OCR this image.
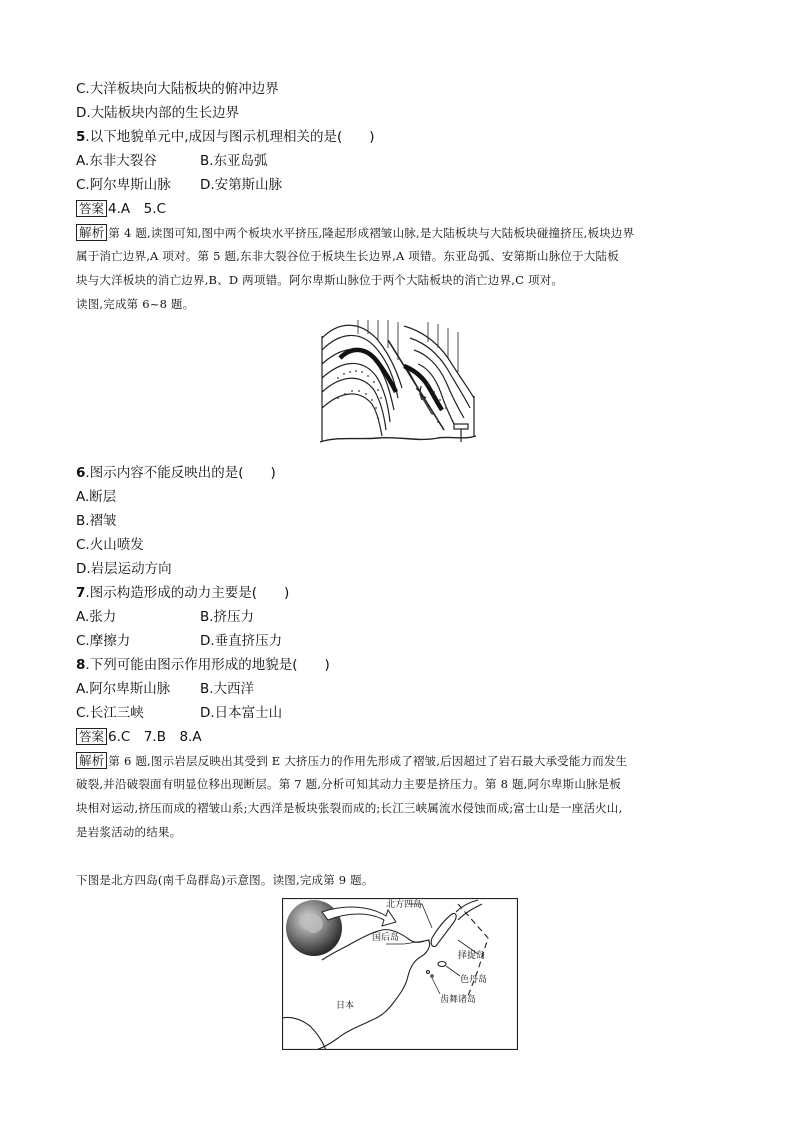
C.大洋板块向大陆板块的俯冲边界
D.大陆板块内部的生长边界
5.以下地貌单元中,成因与图示机理相关的是(　　)
A.东非大裂谷	B.东亚岛弧
C.阿尔卑斯山脉 D.安第斯山脉
答案 4.A　5.C
解析 第 4 题,读图可知,图中两个板块水平挤压,隆起形成褶皱山脉,是大陆板块与大陆板块碰撞挤压,板块边界
属于消亡边界,A 项对。第 5 题,东非大裂谷位于板块生长边界,A 项错。东亚岛弧、安第斯山脉位于大陆板
块与大洋板块的消亡边界,B、D 两项错。阿尔卑斯山脉位于两个大陆板块的消亡边界,C 项对。
读图,完成第 6~8 题。
6.图示内容不能反映出的是(　　)
A.断层
B.褶皱
C.火山喷发
D.岩层运动方向
7.图示构造形成的动力主要是(　　)
A.张力	B.挤压力
C.摩擦力	D.垂直挤压力
8.下列可能由图示作用形成的地貌是(　　)
A.阿尔卑斯山脉 B.大西洋
C.长江三峡	D.日本富士山
答案 6.C　7.B　8.A
解析 第 6 题,图示岩层反映出其受到 E 大挤压力的作用先形成了褶皱,后因超过了岩石最大承受能力而发生
破裂,并沿破裂面有明显位移出现断层。第 7 题,分析可知其动力主要是挤压力。第 8 题,阿尔卑斯山脉是板
块相对运动,挤压而成的褶皱山系;大西洋是板块张裂而成的;长江三峡属流水侵蚀而成;富士山是一座活火山,
是岩浆活动的结果。
下图是北方四岛(南千岛群岛)示意图。读图,完成第 9 题。
北方四岛
国后岛
择捉岛
色丹岛
齿舞诸岛
日本
